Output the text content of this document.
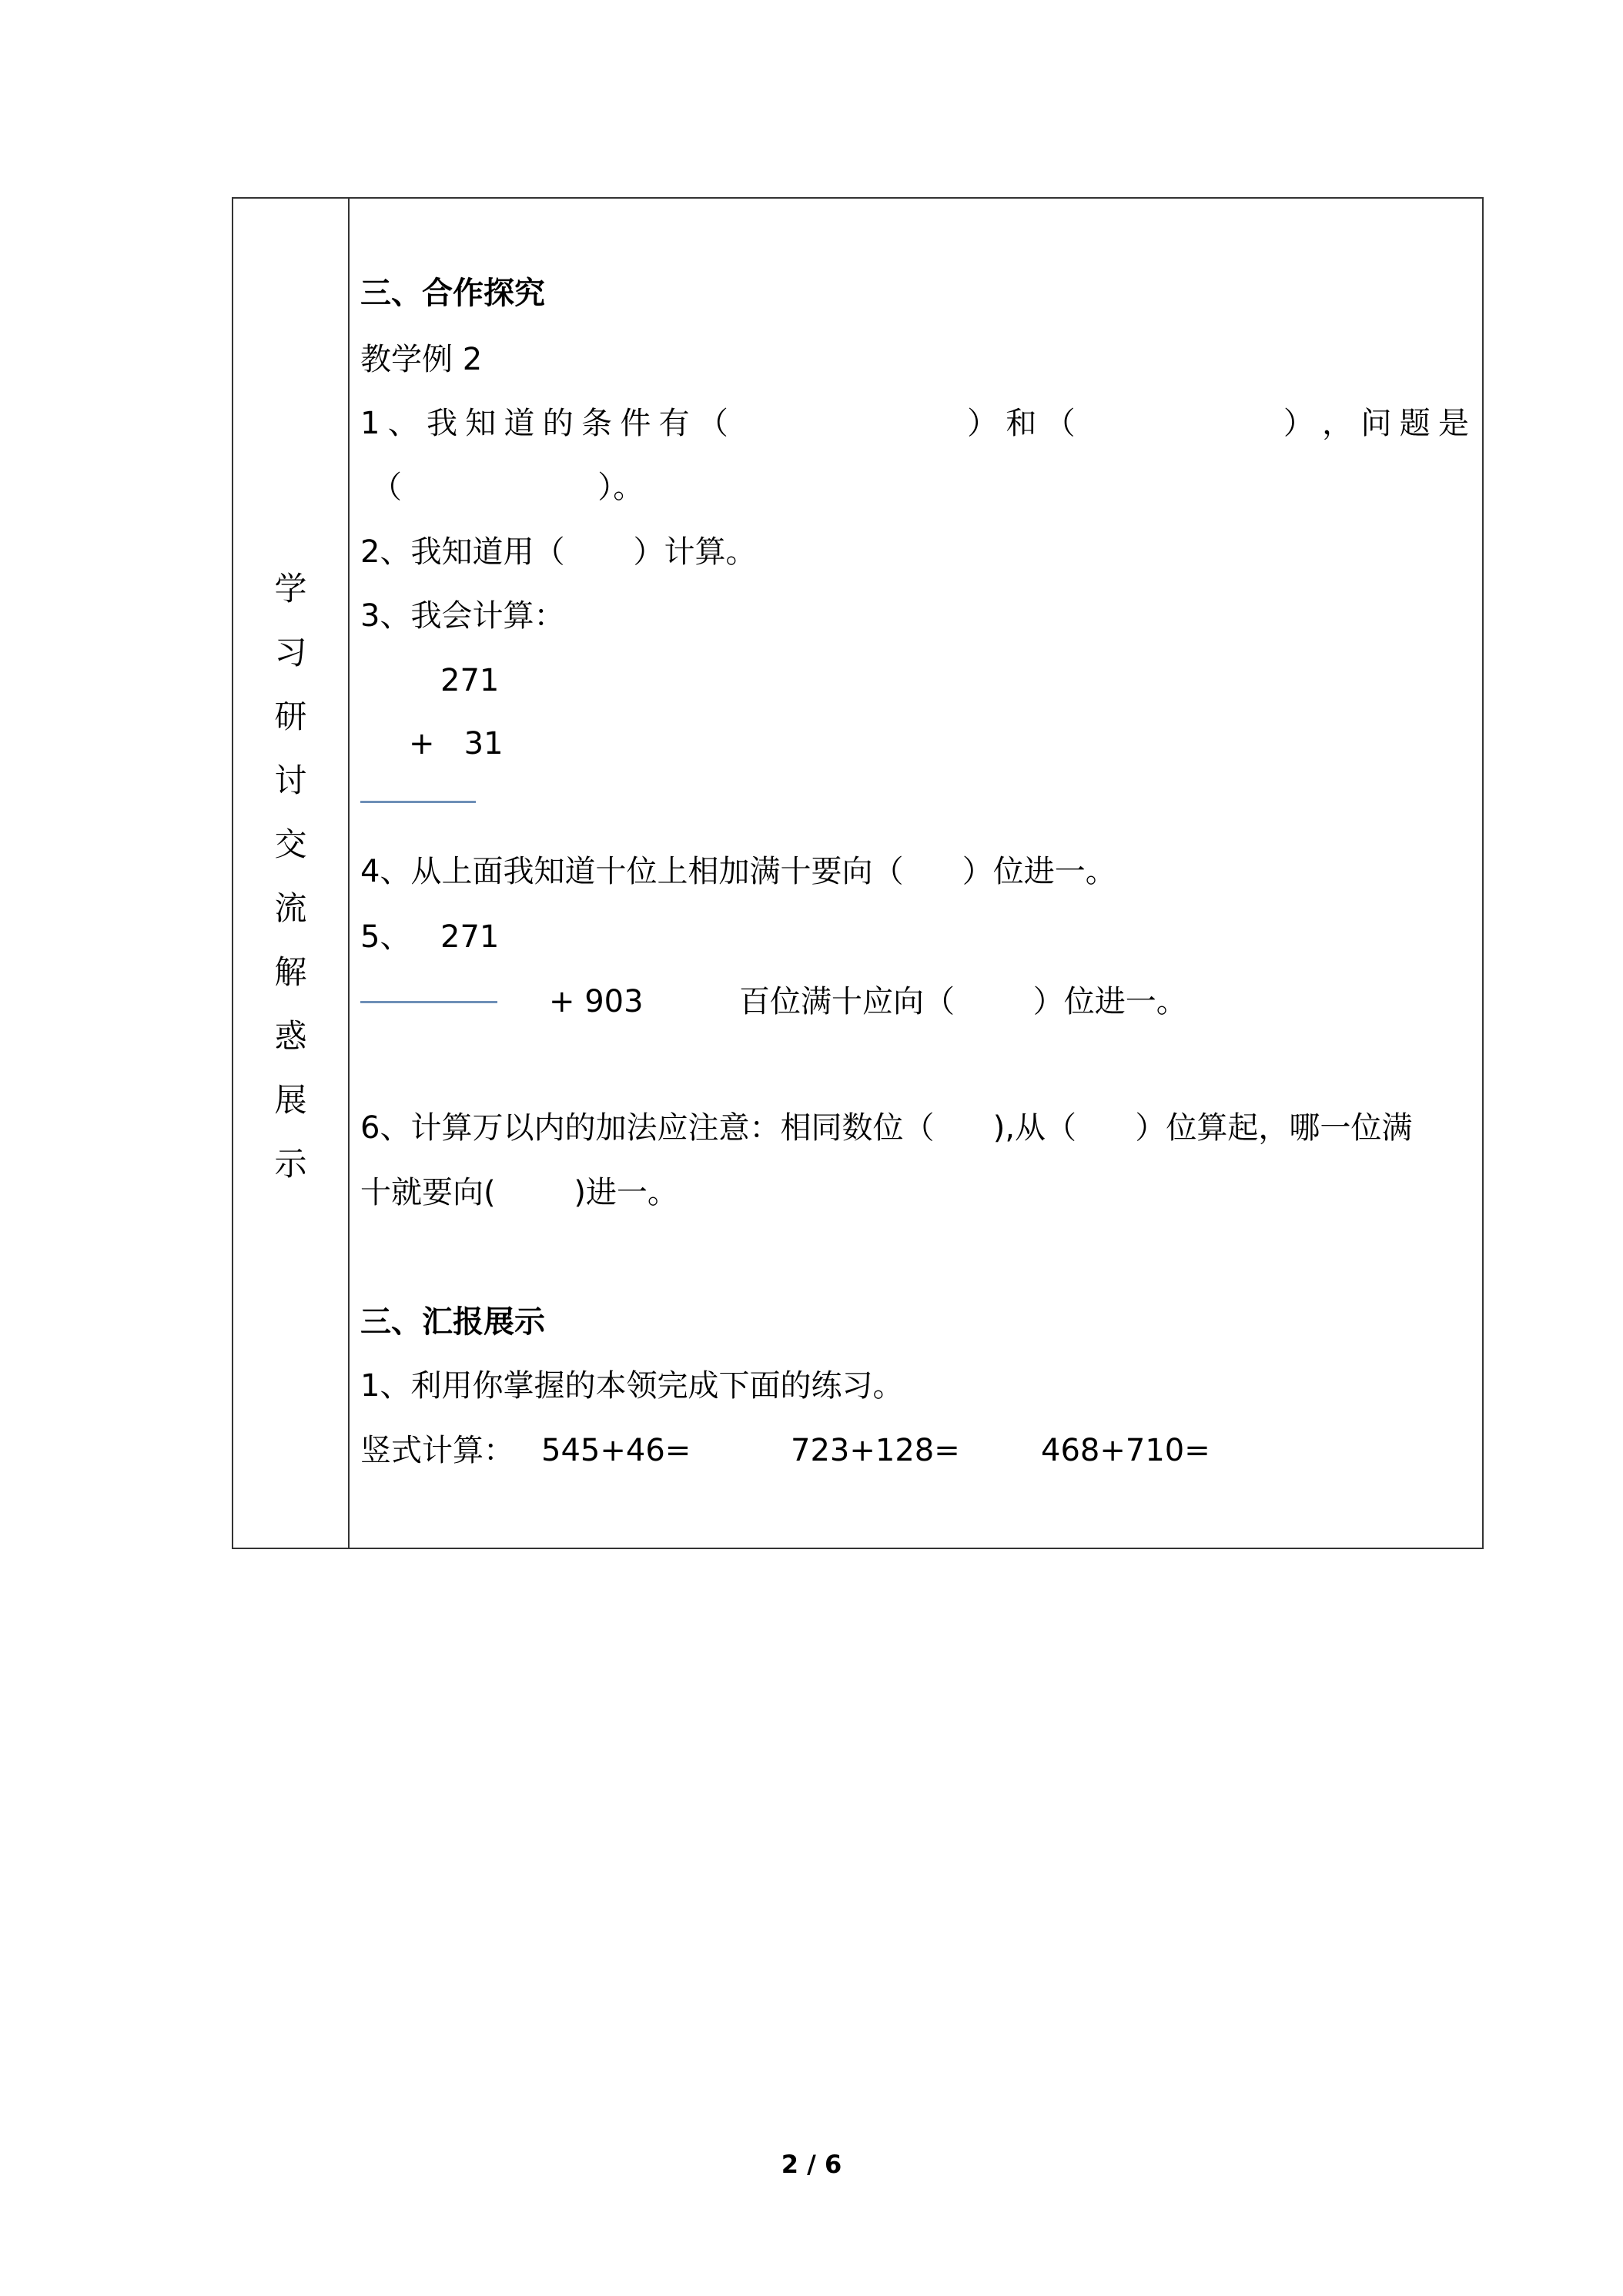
学
习
研
讨
交
流
解
惑
展
示
三、合作探究
教学例 2
1 、 我 知 道 的 条 件 有 （	） 和 （	） ， 问 题 是
（                    ）。
2、我知道用（       ）计算。
3、我会计算：
271
+   31
4、从上面我知道十位上相加满十要向（      ）位进一。
5、 271
+ 903	百位满十应向（        ）位进一。
6、计算万以内的加法应注意：相同数位（      ),从（      ）位算起，哪一位满
十就要向(        )进一。
三、汇报展示
1、利用你掌握的本领完成下面的练习。
竖式计算： 545+46=	723+128=	468+710=
2 / 6
